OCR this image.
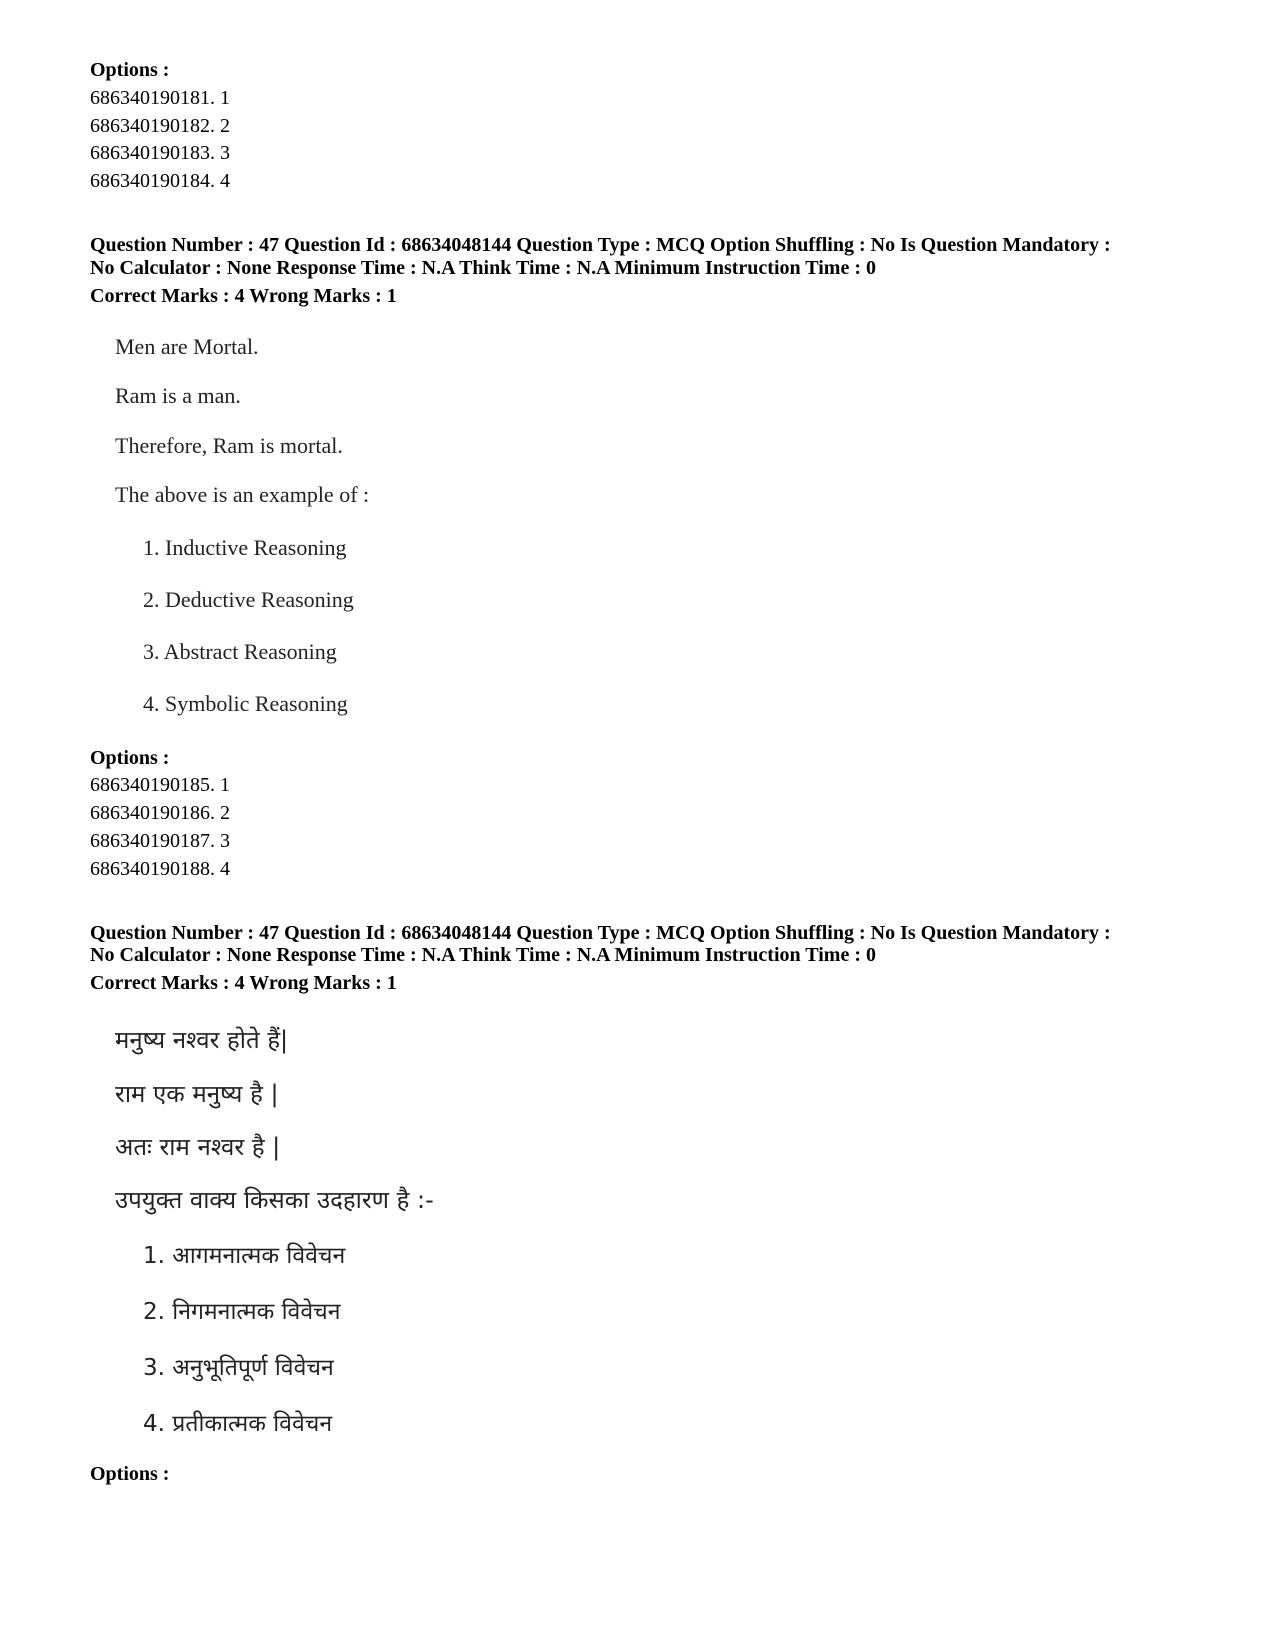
Options :
686340190181. 1
686340190182. 2
686340190183. 3
686340190184. 4
Question Number : 47 Question Id : 68634048144 Question Type : MCQ Option Shuffling : No Is Question Mandatory :
No Calculator : None Response Time : N.A Think Time : N.A Minimum Instruction Time : 0
Correct Marks : 4 Wrong Marks : 1
Men are Mortal.
Ram is a man.
Therefore, Ram is mortal.
The above is an example of :
1. Inductive Reasoning
2. Deductive Reasoning
3. Abstract Reasoning
4. Symbolic Reasoning
Options :
686340190185. 1
686340190186. 2
686340190187. 3
686340190188. 4
Question Number : 47 Question Id : 68634048144 Question Type : MCQ Option Shuffling : No Is Question Mandatory :
No Calculator : None Response Time : N.A Think Time : N.A Minimum Instruction Time : 0
Correct Marks : 4 Wrong Marks : 1
मनुष्य नश्वर होते हैं|
राम एक मनुष्य है |
अतः राम नश्वर है |
उपयुक्त वाक्य किसका उदहारण है :-
1. आगमनात्मक विवेचन
2. निगमनात्मक विवेचन
3. अनुभूतिपूर्ण विवेचन
4. प्रतीकात्मक विवेचन
Options :
